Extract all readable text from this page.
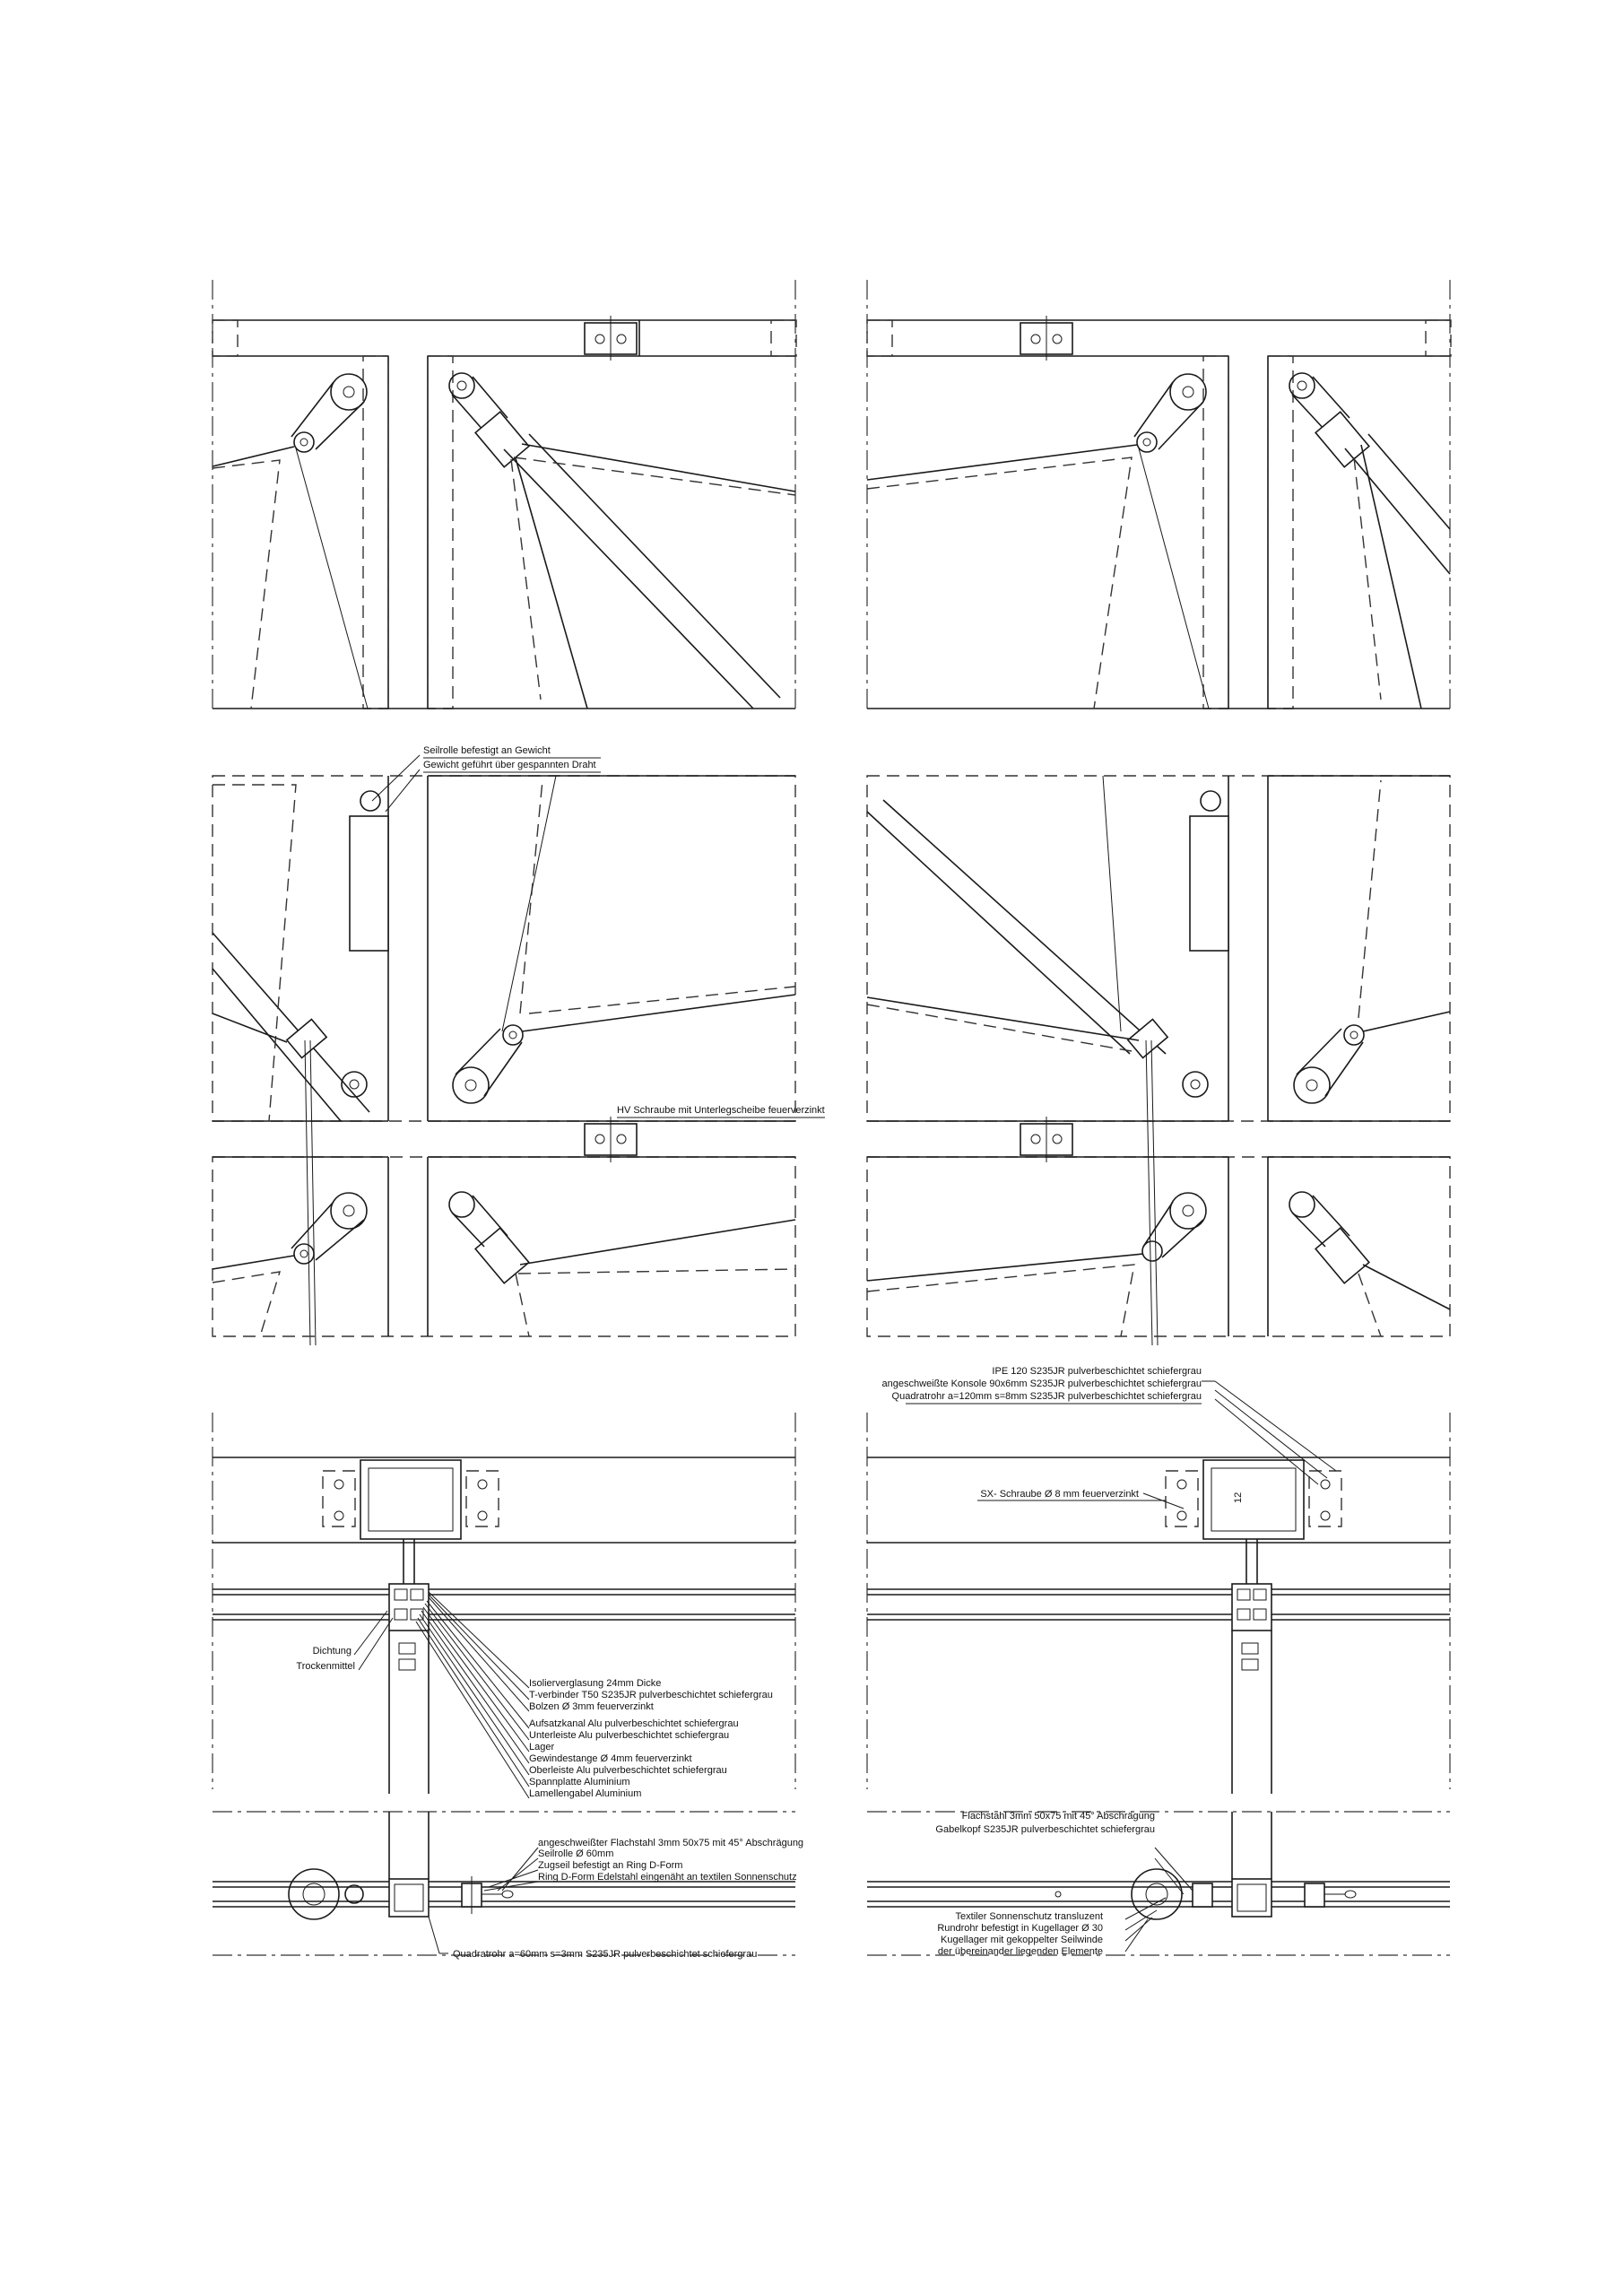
Seilrolle befestigt an Gewicht
Gewicht geführt über gespannten Draht
HV Schraube mit Unterlegscheibe feuerverzinkt
IPE 120 S235JR pulverbeschichtet schiefergrau
angeschweißte Konsole 90x6mm S235JR pulverbeschichtet schiefergrau
Quadratrohr a=120mm s=8mm S235JR pulverbeschichtet schiefergrau
SX- Schraube Ø 8 mm feuerverzinkt	12
Dichtung
Trockenmittel
Isolierverglasung 24mm Dicke
T-verbinder T50 S235JR pulverbeschichtet schiefergrau
Bolzen Ø 3mm feuerverzinkt
Aufsatzkanal Alu pulverbeschichtet schiefergrau
Unterleiste Alu pulverbeschichtet schiefergrau
Lager
Gewindestange Ø 4mm feuerverzinkt
Oberleiste Alu pulverbeschichtet schiefergrau
Spannplatte Aluminium
Lamellengabel Aluminium
angeschweißter Flachstahl 3mm 50x75 mit 45° Abschrägung
Seilrolle Ø 60mm
Zugseil befestigt an Ring D-Form
Ring D-Form Edelstahl eingenäht an textilen Sonnenschutz
Quadratrohr a=60mm s=3mm S235JR pulverbeschichtet schiefergrau
Flachstahl 3mm 50x75 mit 45° Abschrägung
Gabelkopf S235JR pulverbeschichtet schiefergrau
Textiler Sonnenschutz transluzent
Rundrohr befestigt in Kugellager Ø 30
Kugellager mit gekoppelter Seilwinde
der übereinander liegenden Elemente
